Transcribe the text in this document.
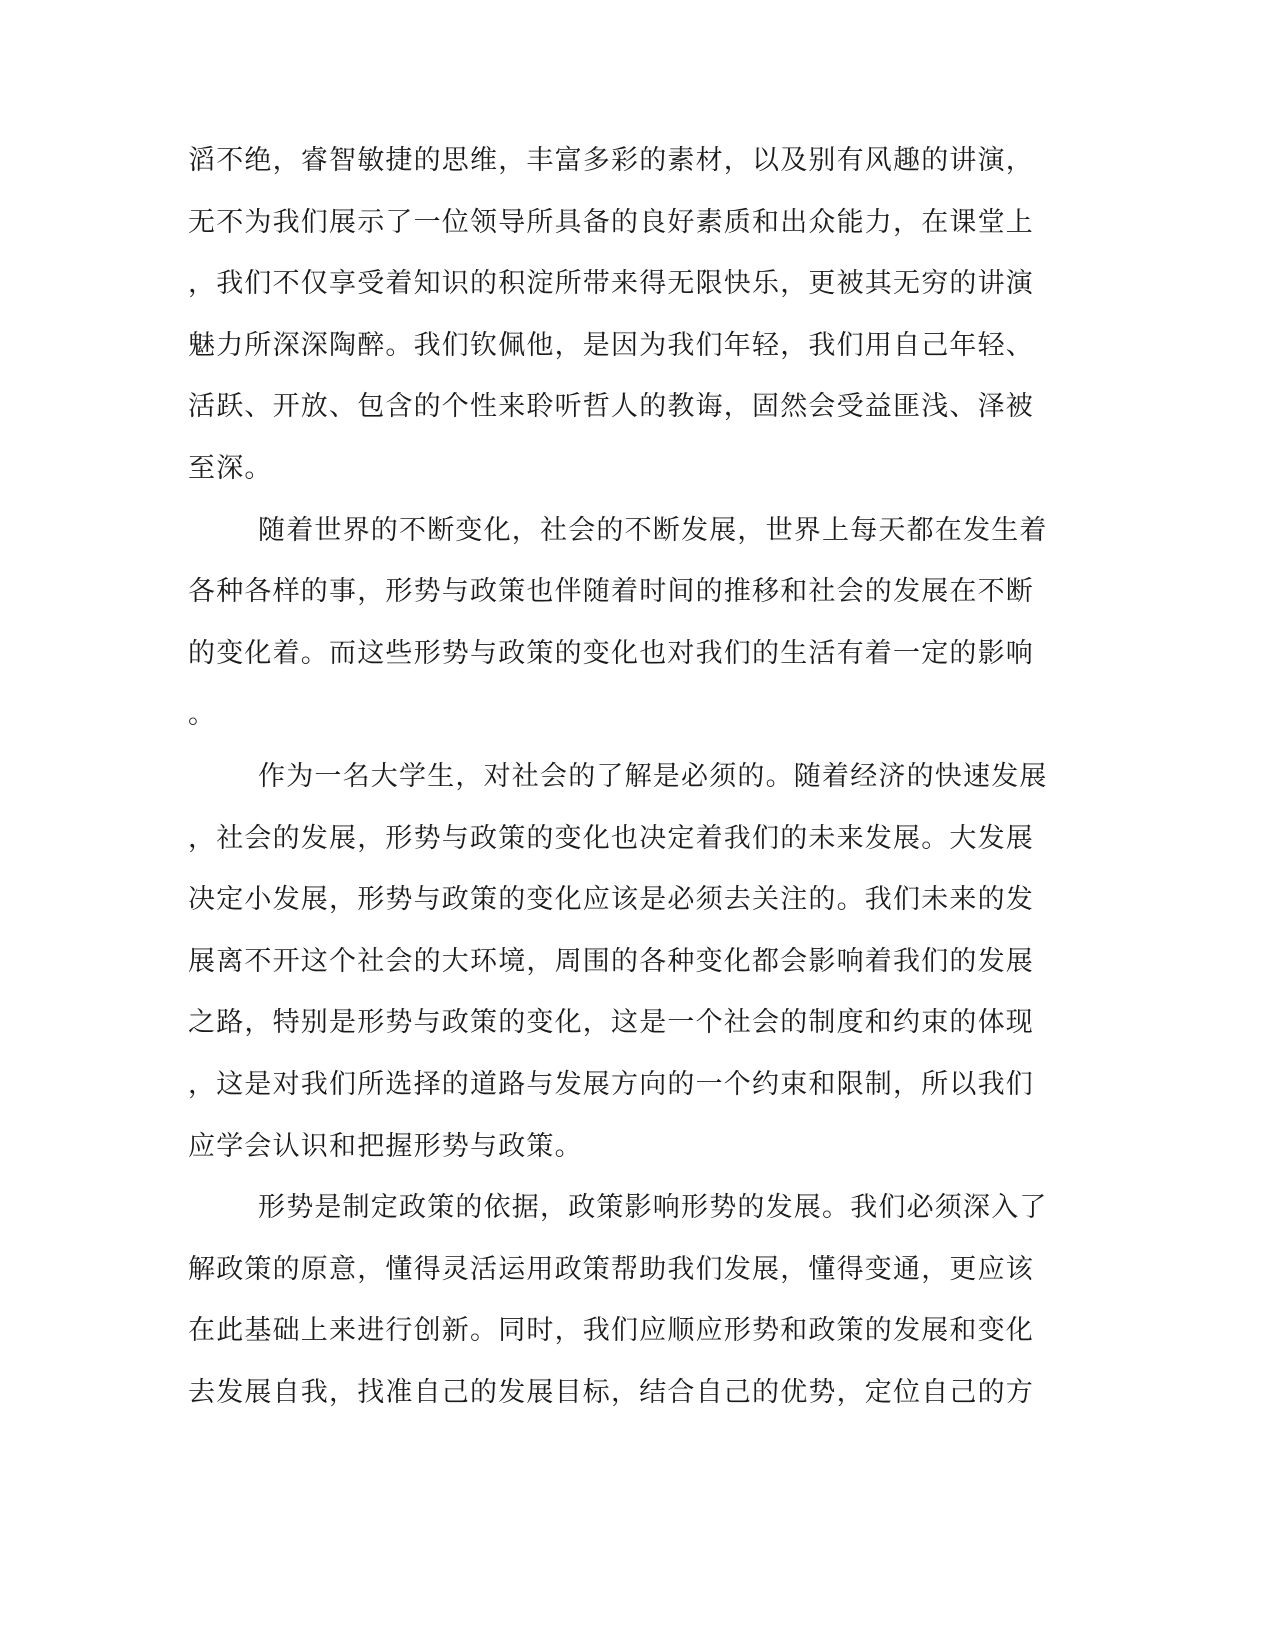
滔不绝，睿智敏捷的思维，丰富多彩的素材，以及别有风趣的讲演，
无不为我们展示了一位领导所具备的良好素质和出众能力，在课堂上
，我们不仅享受着知识的积淀所带来得无限快乐，更被其无穷的讲演
魅力所深深陶醉。我们钦佩他，是因为我们年轻，我们用自己年轻、
活跃、开放、包含的个性来聆听哲人的教诲，固然会受益匪浅、泽被
至深。
随着世界的不断变化，社会的不断发展，世界上每天都在发生着
各种各样的事，形势与政策也伴随着时间的推移和社会的发展在不断
的变化着。而这些形势与政策的变化也对我们的生活有着一定的影响
。
作为一名大学生，对社会的了解是必须的。随着经济的快速发展
，社会的发展，形势与政策的变化也决定着我们的未来发展。大发展
决定小发展，形势与政策的变化应该是必须去关注的。我们未来的发
展离不开这个社会的大环境，周围的各种变化都会影响着我们的发展
之路，特别是形势与政策的变化，这是一个社会的制度和约束的体现
，这是对我们所选择的道路与发展方向的一个约束和限制，所以我们
应学会认识和把握形势与政策。
形势是制定政策的依据，政策影响形势的发展。我们必须深入了
解政策的原意，懂得灵活运用政策帮助我们发展，懂得变通，更应该
在此基础上来进行创新。同时，我们应顺应形势和政策的发展和变化
去发展自我，找准自己的发展目标，结合自己的优势，定位自己的方
